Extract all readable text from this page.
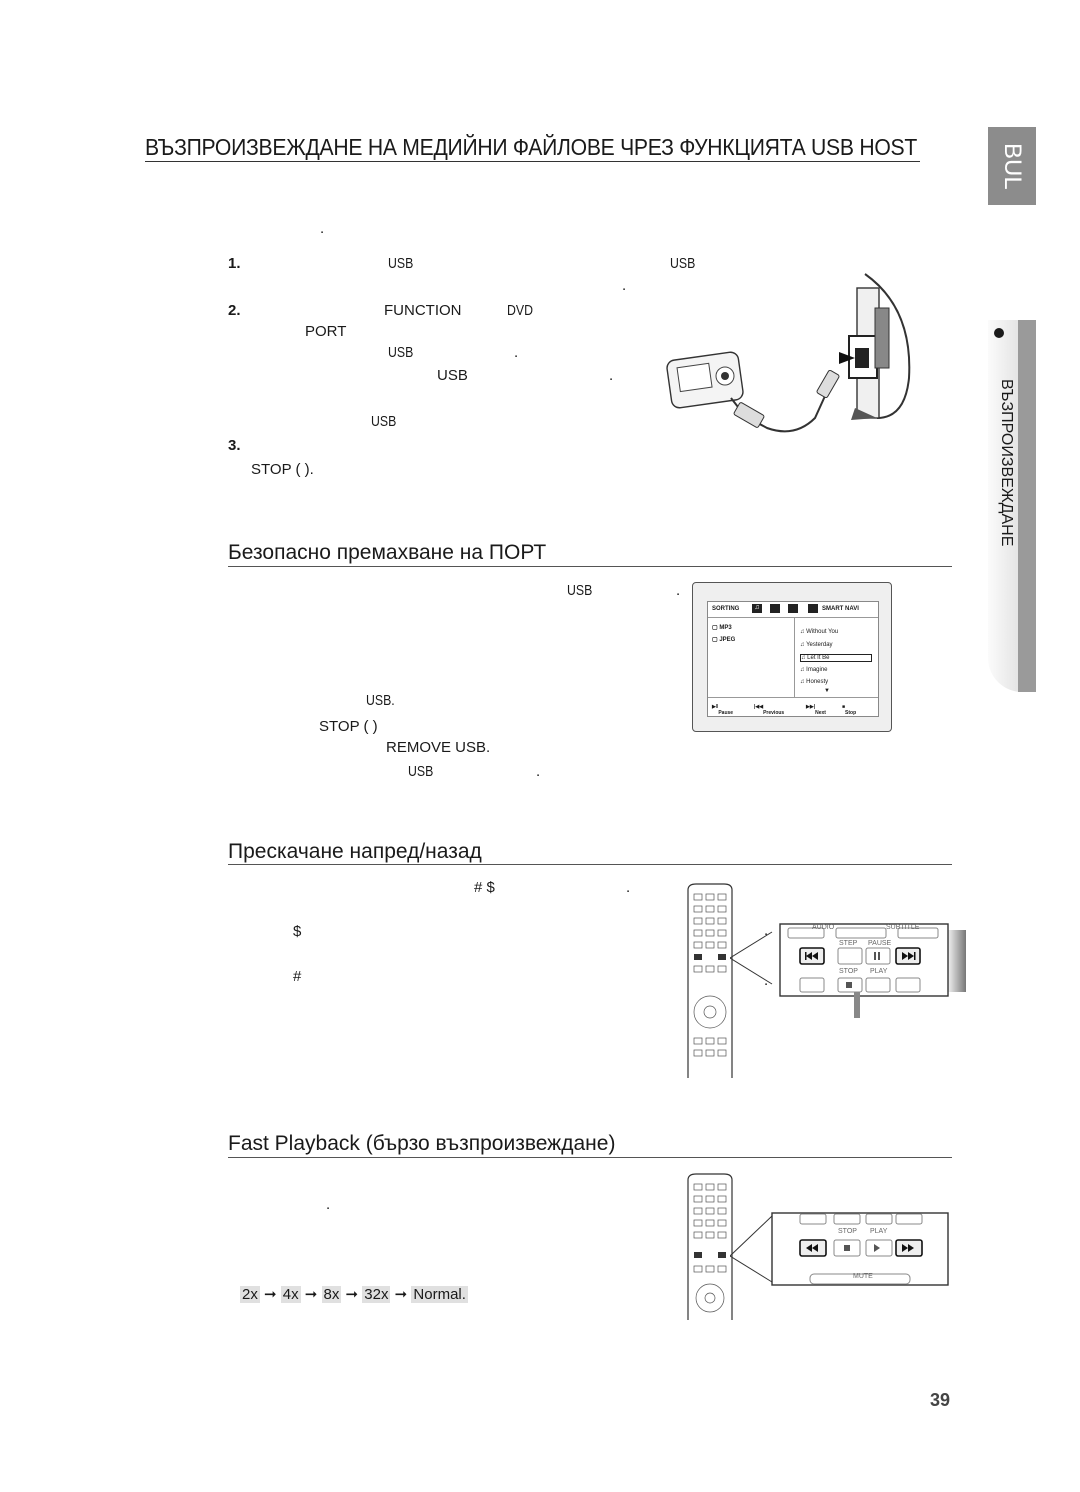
ВЪЗПРОИЗВЕЖДАНЕ НА МЕДИЙНИ ФАЙЛОВЕ ЧРЕЗ ФУНКЦИЯТА USB HOST	BUL
ВЪЗПРОИЗВЕЖДАНЕ
.
1.	USB	USB
.
2.	FUNCTION	DVD
PORT
USB	.
USB	.
USB
3.
STOP ( ).
Безопасно премахване на ПОРТ
USB	.
USB.
STOP ( )
REMOVE USB.
USB	.
SORTING	♫	SMART NAVI
▢ MP3
▢ JPEG
♫ Without You
♫ Yesterday
♫ Let It Be
♫ Imagine
♫ Honesty
▼
▶‖
Pause
|◀◀
Previous
▶▶|
Next
■
Stop
Прескачане напред/назад
# $	.
$
#
.
.
AUDIO	SUBTITLE
STEP PAUSE
STOP PLAY
Fast Playback (бързо възпроизвеждане)
.
2x ➞ 4x ➞ 8x ➞ 32x ➞ Normal.
STOP PLAY
MUTE
39
